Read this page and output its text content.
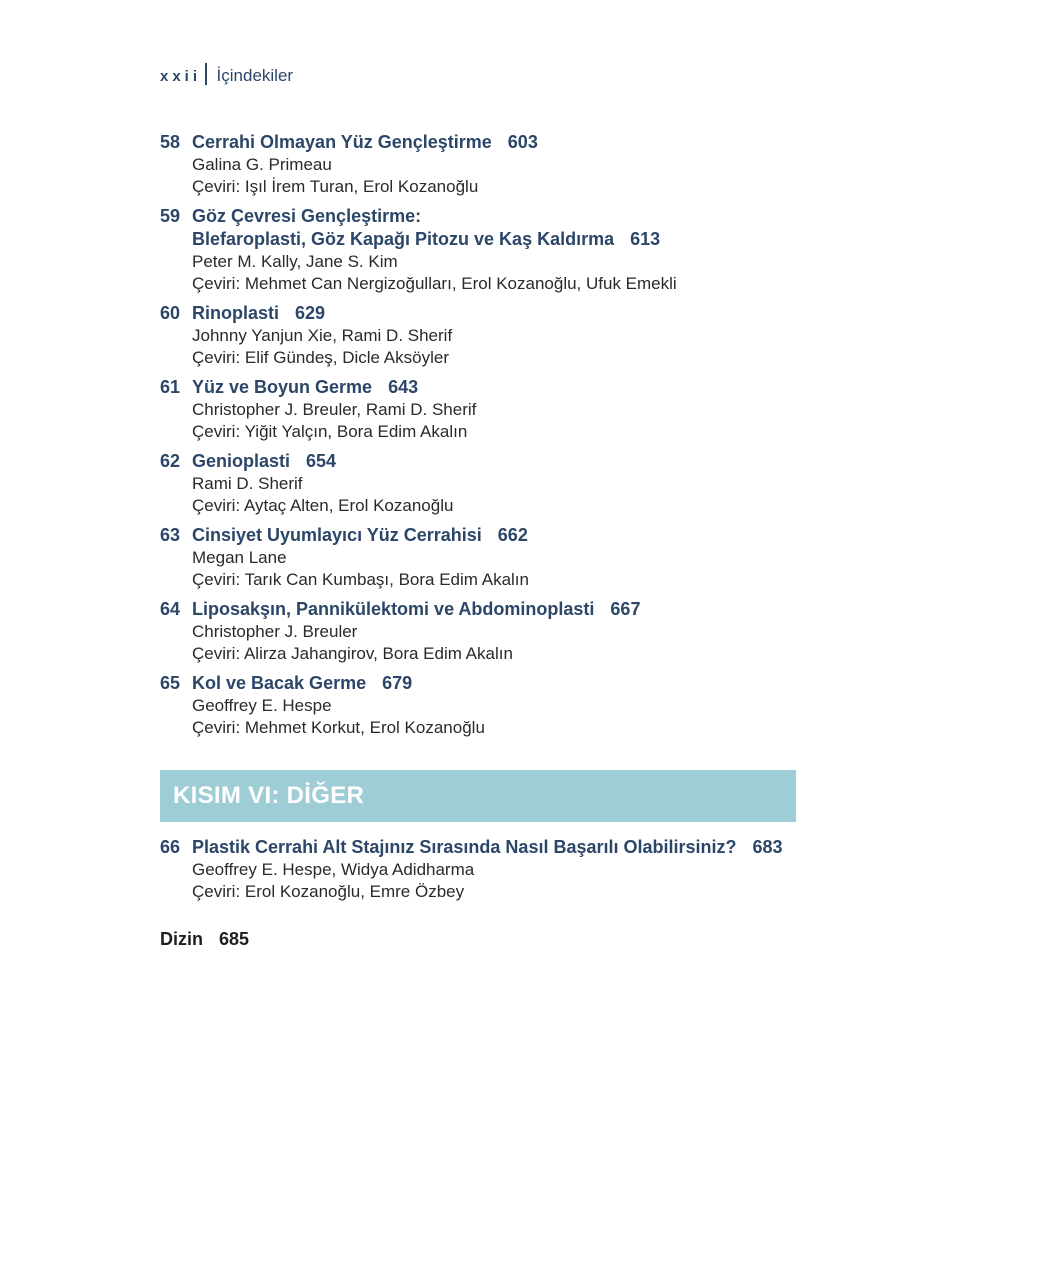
xxii İçindekiler
58 Cerrahi Olmayan Yüz Gençleştirme 603
Galina G. Primeau
Çeviri: Işıl İrem Turan, Erol Kozanoğlu
59 Göz Çevresi Gençleştirme:
Blefaroplasti, Göz Kapağı Pitozu ve Kaş Kaldırma 613
Peter M. Kally, Jane S. Kim
Çeviri: Mehmet Can Nergizoğulları, Erol Kozanoğlu, Ufuk Emekli
60 Rinoplasti 629
Johnny Yanjun Xie, Rami D. Sherif
Çeviri: Elif Gündeş, Dicle Aksöyler
61 Yüz ve Boyun Germe 643
Christopher J. Breuler, Rami D. Sherif
Çeviri: Yiğit Yalçın, Bora Edim Akalın
62 Genioplasti 654
Rami D. Sherif
Çeviri: Aytaç Alten, Erol Kozanoğlu
63 Cinsiyet Uyumlayıcı Yüz Cerrahisi 662
Megan Lane
Çeviri: Tarık Can Kumbaşı, Bora Edim Akalın
64 Liposakşın, Pannikülektomi ve Abdominoplasti 667
Christopher J. Breuler
Çeviri: Alirza Jahangirov, Bora Edim Akalın
65 Kol ve Bacak Germe 679
Geoffrey E. Hespe
Çeviri: Mehmet Korkut, Erol Kozanoğlu
KISIM VI: DİĞER
66 Plastik Cerrahi Alt Stajınız Sırasında Nasıl Başarılı Olabilirsiniz? 683
Geoffrey E. Hespe, Widya Adidharma
Çeviri: Erol Kozanoğlu, Emre Özbey
Dizin 685
